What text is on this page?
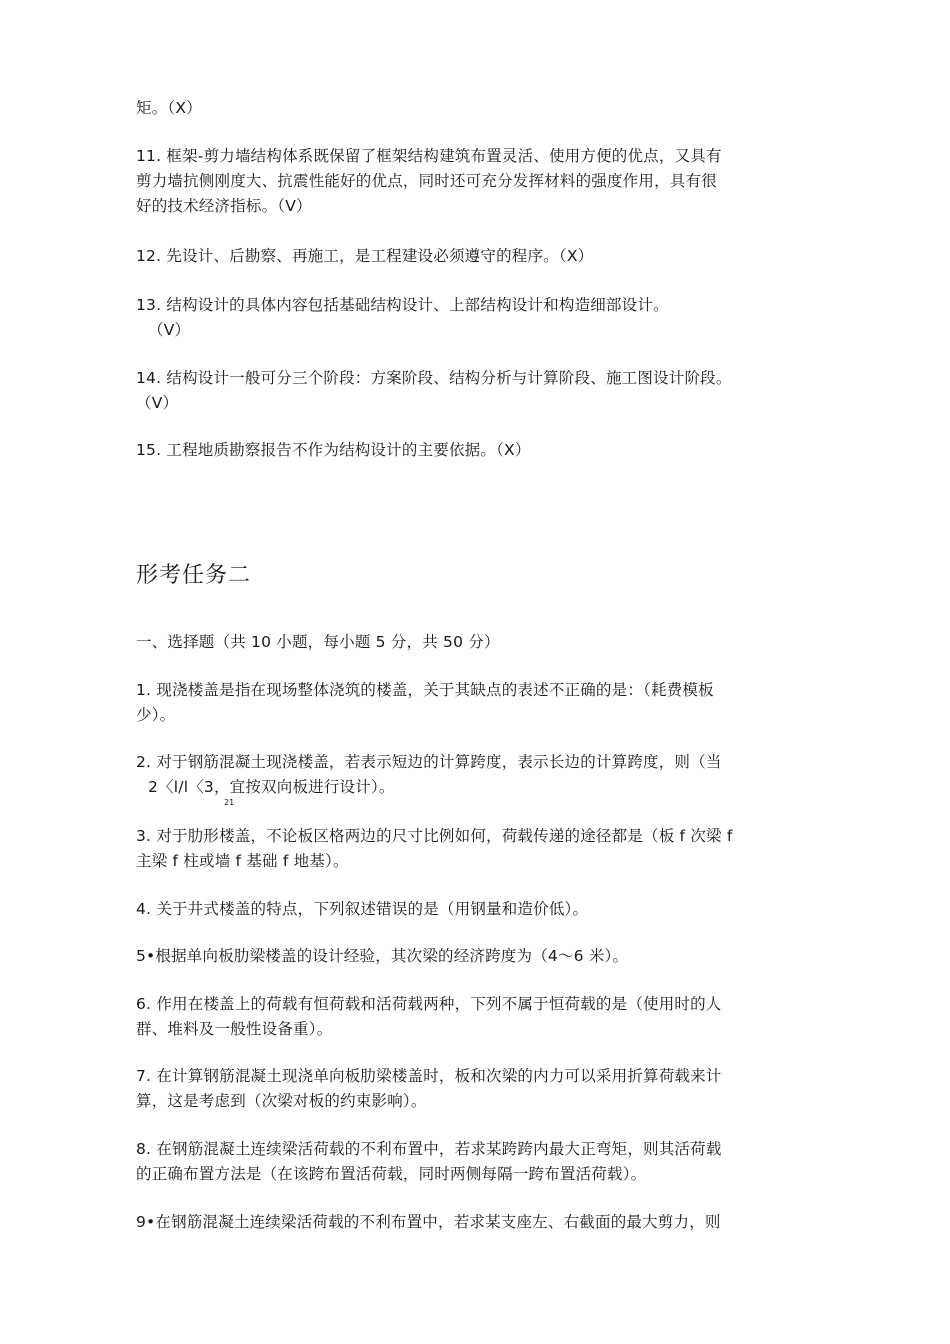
矩。（X）

11. 框架-剪力墙结构体系既保留了框架结构建筑布置灵活、使用方便的优点，又具有
剪力墙抗侧刚度大、抗震性能好的优点，同时还可充分发挥材料的强度作用，具有很
好的技术经济指标。（V）

12. 先设计、后勘察、再施工，是工程建设必须遵守的程序。（X）

13. 结构设计的具体内容包括基础结构设计、上部结构设计和构造细部设计。
（V）

14. 结构设计一般可分三个阶段：方案阶段、结构分析与计算阶段、施工图设计阶段。
（V）

15. 工程地质勘察报告不作为结构设计的主要依据。（X）

形考任务二

一、选择题（共 10 小题，每小题 5 分，共 50 分）

1. 现浇楼盖是指在现场整体浇筑的楼盖，关于其缺点的表述不正确的是：（耗费模板
少）。

2. 对于钢筋混凝土现浇楼盖，若表示短边的计算跨度，表示长边的计算跨度，则（当
2〈l/l〈3，宜按双向板进行设计）。

21

3. 对于肋形楼盖，不论板区格两边的尺寸比例如何，荷载传递的途径都是（板 f 次梁 f
主梁 f 柱或墙 f 基础 f 地基）。

4. 关于井式楼盖的特点，下列叙述错误的是（用钢量和造价低）。

5•根据单向板肋梁楼盖的设计经验，其次梁的经济跨度为（4〜6 米）。

6. 作用在楼盖上的荷载有恒荷载和活荷载两种，下列不属于恒荷载的是（使用时的人
群、堆料及一般性设备重）。

7. 在计算钢筋混凝土现浇单向板肋梁楼盖时，板和次梁的内力可以采用折算荷载来计
算，这是考虑到（次梁对板的约束影响）。

8. 在钢筋混凝土连续梁活荷载的不利布置中，若求某跨跨内最大正弯矩，则其活荷载
的正确布置方法是（在该跨布置活荷载，同时两侧每隔一跨布置活荷载）。

9•在钢筋混凝土连续梁活荷载的不利布置中，若求某支座左、右截面的最大剪力，则
